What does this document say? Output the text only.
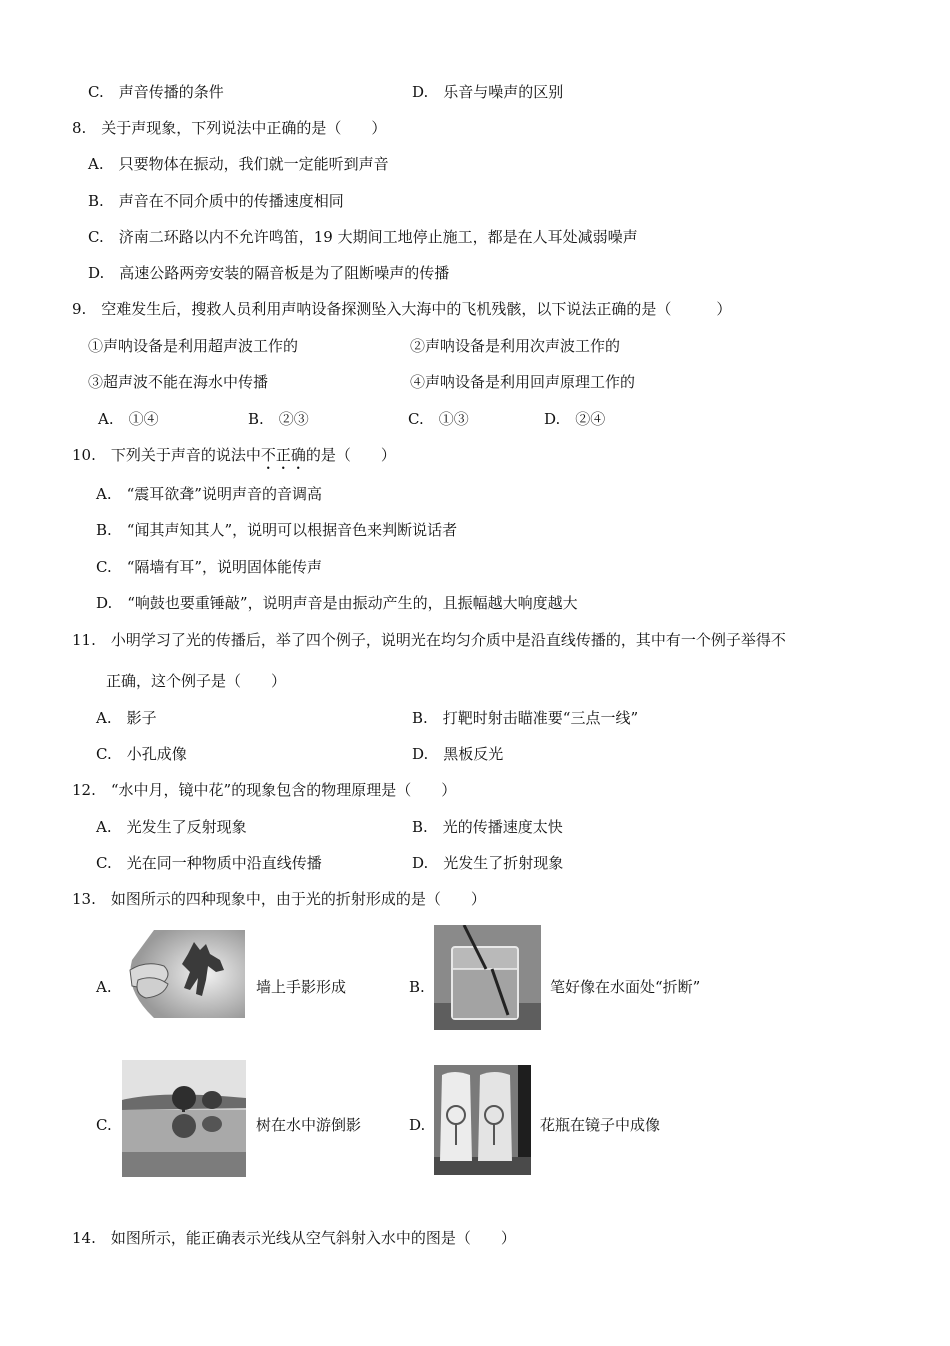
C.　声音传播的条件	D.　乐音与噪声的区别
8.　关于声现象，下列说法中正确的是（　　）
A.　只要物体在振动，我们就一定能听到声音
B.　声音在不同介质中的传播速度相同
C.　济南二环路以内不允许鸣笛，19 大期间工地停止施工，都是在人耳处减弱噪声
D.　高速公路两旁安装的隔音板是为了阻断噪声的传播
9.　空难发生后，搜救人员利用声呐设备探测坠入大海中的飞机残骸，以下说法正确的是（　　　）
①声呐设备是利用超声波工作的	②声呐设备是利用次声波工作的
③超声波不能在海水中传播	④声呐设备是利用回声原理工作的
A.　①④	B.　②③	C.　①③	D.　②④
10.　下列关于声音的说法中不正确的是（　　）
A.　“震耳欲聋”说明声音的音调高
B.　“闻其声知其人”，说明可以根据音色来判断说话者
C.　“隔墙有耳”，说明固体能传声
D.　“响鼓也要重锤敲”，说明声音是由振动产生的，且振幅越大响度越大
11.　小明学习了光的传播后，举了四个例子，说明光在均匀介质中是沿直线传播的，其中有一个例子举得不
正确，这个例子是（　　）
A.　影子	B.　打靶时射击瞄准要“三点一线”
C.　小孔成像	D.　黑板反光
12.　“水中月，镜中花”的现象包含的物理原理是（　　）
A.　光发生了反射现象	B.　光的传播速度太快
C.　光在同一种物质中沿直线传播	D.　光发生了折射现象
13.　如图所示的四种现象中，由于光的折射形成的是（　　）
A.	墙上手影形成	B.	笔好像在水面处“折断”
C.	树在水中游倒影	D.	花瓶在镜子中成像
14.　如图所示，能正确表示光线从空气斜射入水中的图是（　　）
